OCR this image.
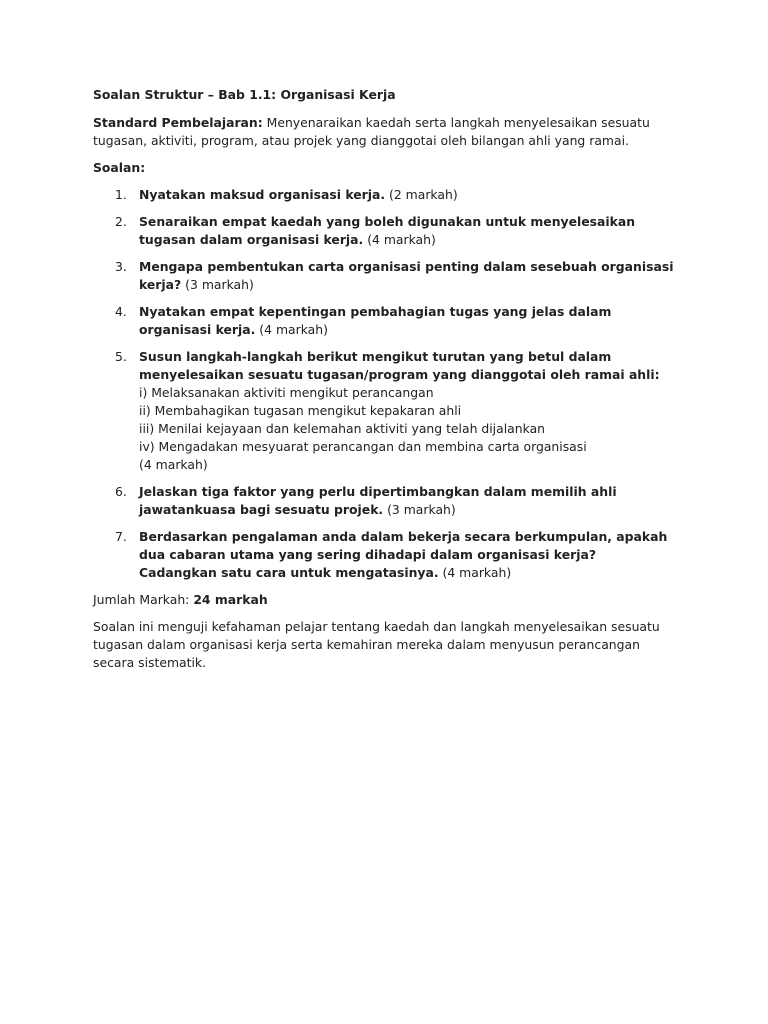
Soalan Struktur – Bab 1.1: Organisasi Kerja

Standard Pembelajaran: Menyenaraikan kaedah serta langkah menyelesaikan sesuatu tugasan, aktiviti, program, atau projek yang dianggotai oleh bilangan ahli yang ramai.

Soalan:

1. Nyatakan maksud organisasi kerja. (2 markah)
2. Senaraikan empat kaedah yang boleh digunakan untuk menyelesaikan tugasan dalam organisasi kerja. (4 markah)
3. Mengapa pembentukan carta organisasi penting dalam sesebuah organisasi kerja? (3 markah)
4. Nyatakan empat kepentingan pembahagian tugas yang jelas dalam organisasi kerja. (4 markah)
5. Susun langkah-langkah berikut mengikut turutan yang betul dalam menyelesaikan sesuatu tugasan/program yang dianggotai oleh ramai ahli:
i) Melaksanakan aktiviti mengikut perancangan
ii) Membahagikan tugasan mengikut kepakaran ahli
iii) Menilai kejayaan dan kelemahan aktiviti yang telah dijalankan
iv) Mengadakan mesyuarat perancangan dan membina carta organisasi
(4 markah)
6. Jelaskan tiga faktor yang perlu dipertimbangkan dalam memilih ahli jawatankuasa bagi sesuatu projek. (3 markah)
7. Berdasarkan pengalaman anda dalam bekerja secara berkumpulan, apakah dua cabaran utama yang sering dihadapi dalam organisasi kerja? Cadangkan satu cara untuk mengatasinya. (4 markah)

Jumlah Markah: 24 markah

Soalan ini menguji kefahaman pelajar tentang kaedah dan langkah menyelesaikan sesuatu tugasan dalam organisasi kerja serta kemahiran mereka dalam menyusun perancangan secara sistematik.
